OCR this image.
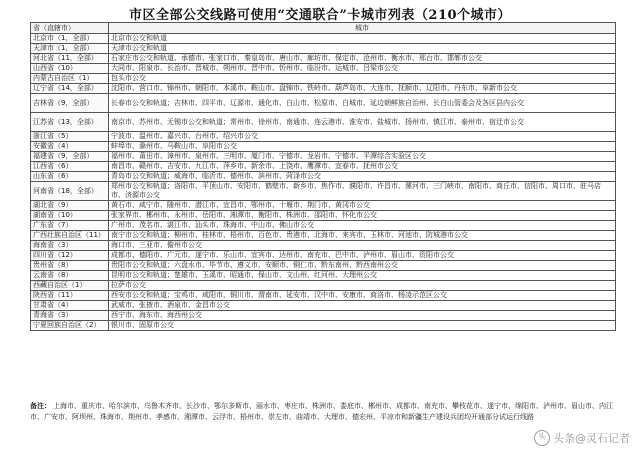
市区全部公交线路可使用“交通联合”卡城市列表（210个城市）
省（直辖市）	城市
北京市（1，全部）	北京市公交和轨道
天津市（1，全部）	天津市公交和轨道
河北省（11，全部）	石家庄市公交和轨道、承德市、张家口市、秦皇岛市、唐山市、廊坊市、保定市、沧州市、衡水市、邢台市、邯郸市公交
山西省（10）	大同市、阳泉市、长治市、晋城市、朔州市、晋中市、忻州市、临汾市、运城市、吕梁市公交
内蒙古自治区（1）	包头市公交
辽宁省（14，全部）	沈阳市、营口市、锦州市、朝阳市、本溪市、鞍山市、盘锦市、铁岭市、葫芦岛市、大连市、抚顺市、辽阳市、丹东市、阜新市公交
吉林省（9，全部）	长春市公交和轨道；吉林市、四平市、辽源市、通化市、白山市、松原市、白城市、延边朝鲜族自治州、长白山管委会及各区县内公交
江苏省（13，全部）	南京市、苏州市、无锡市公交和轨道；常州市、徐州市、南通市、连云港市、淮安市、盐城市、扬州市、镇江市、泰州市、宿迁市公交
浙江省（5）	宁波市、温州市、嘉兴市、台州市、绍兴市公交
安徽省（4）	蚌埠市、滁州市、马鞍山市、阜阳市公交
福建省（9，全部）	福州市、莆田市、漳州市、泉州市、三明市、厦门市、宁德市、龙岩市、宁德市、平潭综合实验区公交
江西省（6）	南昌市、赣州市、吉安市、九江市、萍乡市、新余市、上饶市、鹰潭市、宜春市、抚州市公交
山东省（6）	青岛市公交和轨道；威海市、临沂市、德州市、滨州市、菏泽市公交
河南省（18，全部）	郑州市公交和轨道；洛阳市、平顶山市、安阳市、鹤壁市、新乡市、焦作市、濮阳市、许昌市、漯河市、三门峡市、南阳市、商丘市、信阳市、周口市、驻马店市、济源市公交
湖北省（9）	黄石市、咸宁市、随州市、潜江市、宜昌市、鄂州市、十堰市、荆门市、黄冈市公交
湖南省（10）	张家界市、郴州市、永州市、岳阳市、湘潭市、衡阳市、株洲市、邵阳市、怀化市公交
广东省（7）	广州市、茂名市、湛江市、汕头市、珠海市、中山市、佛山市公交
广西壮族自治区（11）	南宁市公交和轨道；柳州市、桂林市、梧州市、百色市、贵港市、北海市、来宾市、玉林市、河池市、防城港市公交
海南省（3）	海口市、三亚市、儋州市公交
四川省（12）	成都市、德阳市、广元市、遂宁市、乐山市、宜宾市、达州市、南充市、巴中市、泸州市、眉山市、资阳市公交
贵州省（8）	贵阳市公交和轨道；六盘水市、毕节市、遵义市、安顺市、铜仁市、黔东南州、黔西南州公交
云南省（8）	昆明市公交和轨道；楚雄市、玉溪市、昭通市、保山市、文山州、红河州、大理州公交
西藏自治区（1）	拉萨市公交
陕西省（11）	西安市公交和轨道；宝鸡市、咸阳市、铜川市、渭南市、延安市、汉中市、安康市、商洛市、杨凌示范区公交
甘肃省（4）	武威市、张掖市、酒泉市、金昌市公交
青海省（3）	西宁市、海东市、海西州公交
宁夏回族自治区（2）	银川市、固原市公交
备注： 上海市、重庆市、哈尔滨市、乌鲁木齐市、长沙市、鄂尔多斯市、丽水市、枣庄市、株洲市、娄底市、郴州市、成都市、南充市、攀枝花市、遂宁市、绵阳市、泸州市、眉山市、内江市、广安市、阿坝州、珠海市、荆州市、孝感市、湘潭市、云浮市、梧州市、崇左市、曲靖市、大理市、德宏州、平凉市和新疆生产建设兵团均开通部分试运行线路
头 头条@灵石记者
